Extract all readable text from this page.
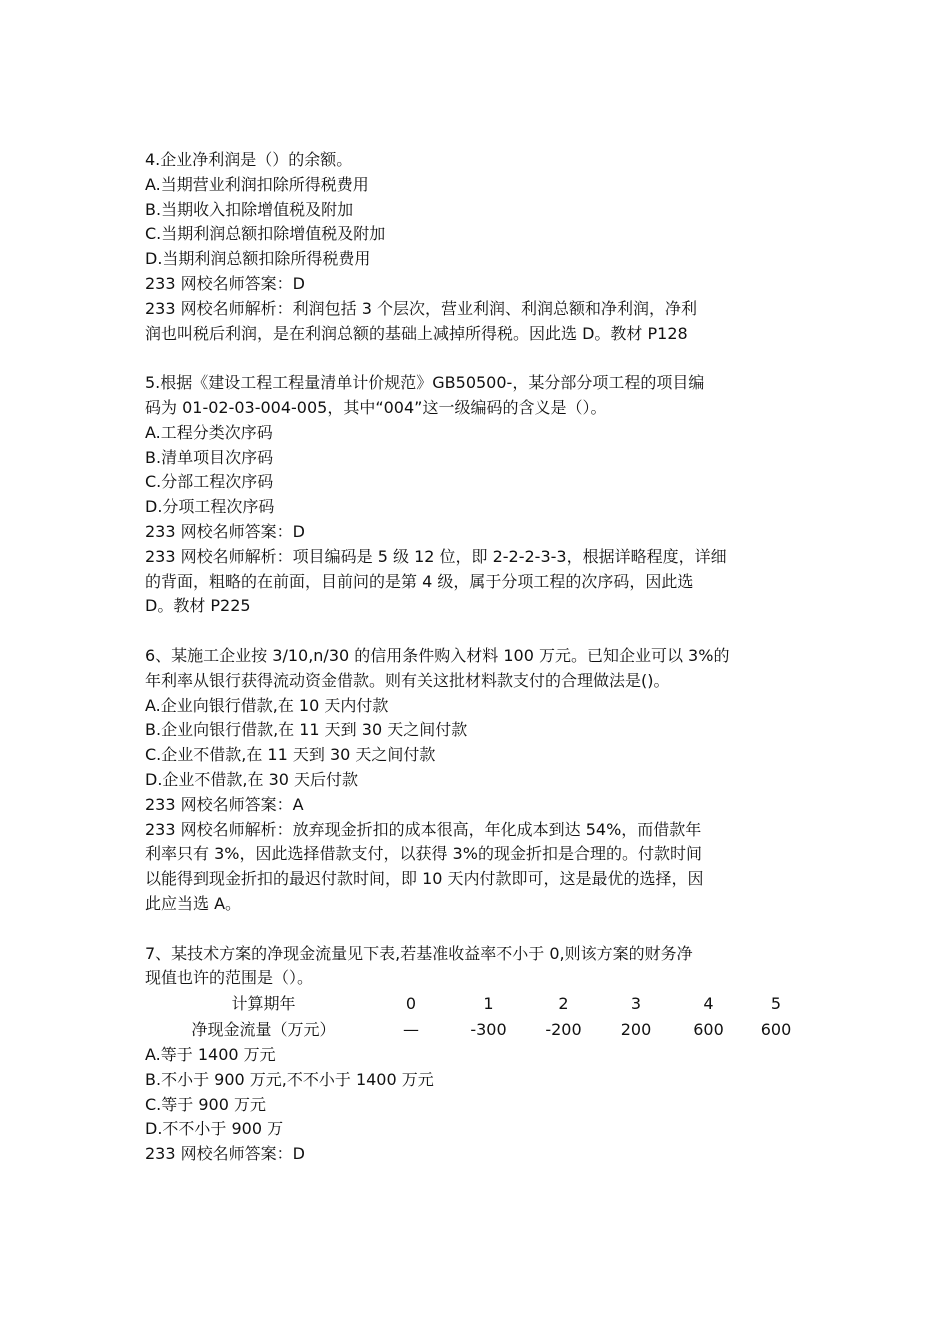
4.企业净利润是（）的余额。
A.当期营业利润扣除所得税费用
B.当期收入扣除增值税及附加
C.当期利润总额扣除增值税及附加
D.当期利润总额扣除所得税费用
233 网校名师答案：D
233 网校名师解析：利润包括 3 个层次，营业利润、利润总额和净利润，净利
润也叫税后利润，是在利润总额的基础上减掉所得税。因此选 D。教材 P128
5.根据《建设工程工程量清单计价规范》GB50500-，某分部分项工程的项目编
码为 01-02-03-004-005，其中“004”这一级编码的含义是（）。
A.工程分类次序码
B.清单项目次序码
C.分部工程次序码
D.分项工程次序码
233 网校名师答案：D
233 网校名师解析：项目编码是 5 级 12 位，即 2-2-2-3-3，根据详略程度，详细
的背面，粗略的在前面，目前问的是第 4 级，属于分项工程的次序码，因此选
D。教材 P225
6、某施工企业按 3/10,n/30 的信用条件购入材料 100 万元。已知企业可以 3%的
年利率从银行获得流动资金借款。则有关这批材料款支付的合理做法是()。
A.企业向银行借款,在 10 天内付款
B.企业向银行借款,在 11 天到 30 天之间付款
C.企业不借款,在 11 天到 30 天之间付款
D.企业不借款,在 30 天后付款
233 网校名师答案：A
233 网校名师解析：放弃现金折扣的成本很高，年化成本到达 54%，而借款年
利率只有 3%，因此选择借款支付，以获得 3%的现金折扣是合理的。付款时间
以能得到现金折扣的最迟付款时间，即 10 天内付款即可，这是最优的选择，因
此应当选 A。
7、某技术方案的净现金流量见下表,若基准收益率不小于 0,则该方案的财务净
现值也许的范围是（）。
计算期年	0	1	2	3	4	5
净现金流量（万元）	—	-300	-200	200	600	600
A.等于 1400 万元
B.不小于 900 万元,不不小于 1400 万元
C.等于 900 万元
D.不不小于 900 万
233 网校名师答案：D
